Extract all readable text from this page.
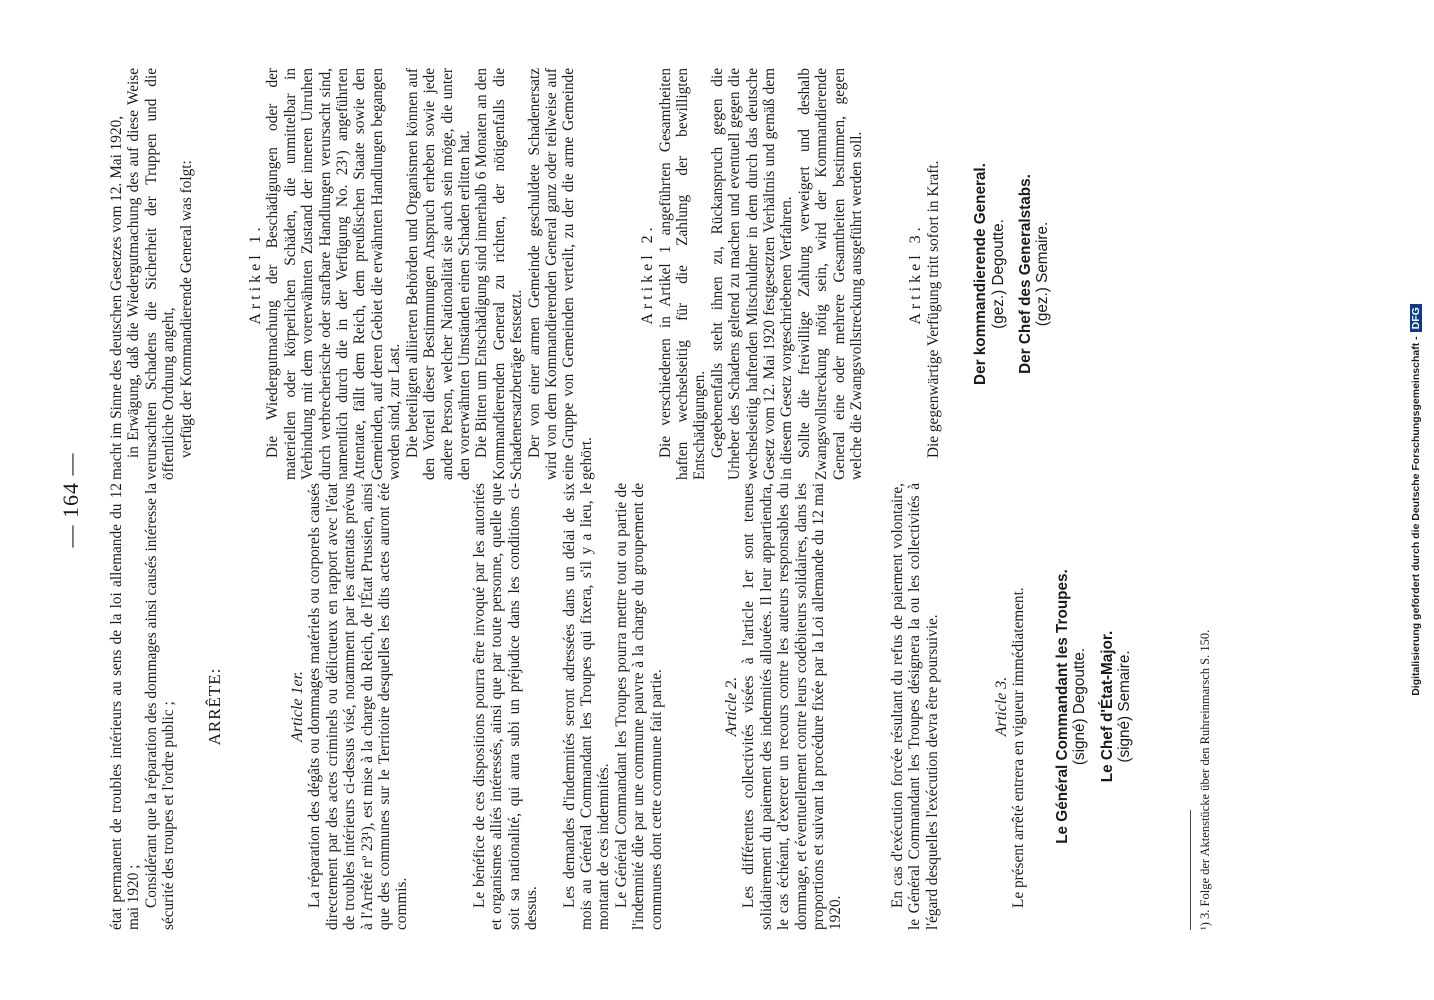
— 164 — état permanent de troubles intérieurs au sens de la loi allemande du 12 mai 1920 ; Considérant que la réparation des dommages ainsi causés intéresse la sécurité des troupes et l'ordre public ; ARRÊTE:	Article 1er. La réparation des dégâts ou dommages matériels ou corporels causés directement par des actes criminels ou délictueux en rapport avec l'état de troubles intérieurs ci-dessus visé, notamment par les attentats prévus à l'Arrêté nº 23¹), est mise à la charge du Reich, de l'État Prussien, ainsi que des communes sur le Territoire desquelles les dits actes auront été commis.	Le bénéfice de ces dispositions pourra être invoqué par les autorités et organismes alliés intéressés, ainsi que par toute personne, quelle que soit sa nationalité, qui aura subi un préjudice dans les conditions ci-dessus.

Les demandes d'indemnités seront adressées dans un délai de six mois au Général Commandant les Troupes qui fixera, s'il y a lieu, le montant de ces indemnités. Le Général Commandant les Troupes pourra mettre tout ou partie de l'indemnité dûe par une commune pauvre à la charge du groupement de communes dont cette commune fait partie.	Article 2. Les différentes collectivités visées à l'article 1er sont tenues solidairement du paiement des indemnités allouées. Il leur appartiendra, le cas échéant, d'exercer un recours contre les auteurs responsables du dommage, et éventuellement contre leurs codébiteurs solidaires, dans les proportions et suivant la procédure fixée par la Loi allemande du 12 mai 1920.

En cas d'exécution forcée résultant du refus de paiement volontaire, le Général Commandant les Troupes désignera la ou les collectivités à l'égard desquelles l'exécution devra être poursuivie.	Article 3. Le présent arrêté entrera en vigueur immédiatement. Le Général Commandant les Troupes. (signé) Degoutte. Le Chef d'État-Major. (signé) Semaire.

macht im Sinne des deutschen Gesetzes vom 12. Mai 1920, in Erwägung, daß die Wiedergutmachung des auf diese Weise verursachten Schadens die Sicherheit der Truppen und die öffentliche Ordnung angeht, verfügt der Kommandierende General was folgt:	Artikel 1. Die Wiedergutmachung der Beschädigungen oder der materiellen oder körperlichen Schäden, die unmittelbar in Verbindung mit dem vorerwähnten Zustand der inneren Unruhen durch verbrecherische oder strafbare Handlungen verursacht sind, namentlich durch die in der Verfügung No. 23¹) angeführten Attentate, fällt dem Reich, dem preußischen Staate sowie den Gemeinden, auf deren Gebiet die erwähnten Handlungen begangen worden sind, zur Last. Die beteiligten alliierten Behörden und Organismen können auf den Vorteil dieser Bestimmungen Anspruch erheben sowie jede andere Person, welcher Nationalität sie auch sein möge, die unter den vorerwähnten Umständen einen Schaden erlitten hat. Die Bitten um Entschädigung sind innerhalb 6 Monaten an den Kommandierenden General zu richten, der nötigenfalls die Schadenersatzbeträge festsetzt. Der von einer armen Gemeinde geschuldete Schadenersatz wird von dem Kommandierenden General ganz oder teilweise auf eine Gruppe von Gemeinden verteilt, zu der die arme Gemeinde gehört.

Artikel 2. Die verschiedenen in Artikel 1 angeführten Gesamtheiten haften wechselseitig für die Zahlung der bewilligten Entschädigungen. Gegebenenfalls steht ihnen zu, Rückanspruch gegen die Urheber des Schadens geltend zu machen und eventuell gegen die wechselseitig haftenden Mitschuldner in dem durch das deutsche Gesetz vom 12. Mai 1920 festgesetzten Verhältnis und gemäß dem in diesem Gesetz vorgeschriebenen Verfahren. Sollte die freiwillige Zahlung verweigert und deshalb Zwangsvollstreckung nötig sein, wird der Kommandierende General eine oder mehrere Gesamtheiten bestimmen, gegen welche die Zwangsvollstreckung ausgeführt werden soll.	Artikel 3. Die gegenwärtige Verfügung tritt sofort in Kraft. Der kommandierende General. (gez.) Degoutte. Der Chef des Generalstabs. (gez.) Semaire.

¹) 3. Folge der Aktenstücke über den Ruhreinmarsch S. 150.
Digitalisierung gefördert durch die Deutsche Forschungsgemeinschaft -DFG
